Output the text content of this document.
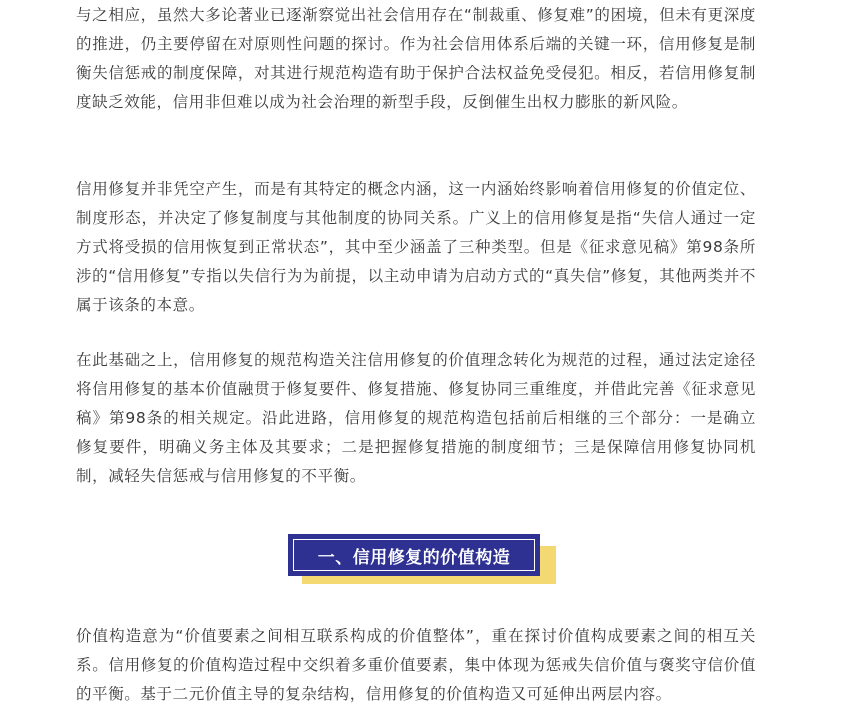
与之相应，虽然大多论著业已逐渐察觉出社会信用存在“制裁重、修复难”的困境，但未有更深度的推进，仍主要停留在对原则性问题的探讨。作为社会信用体系后端的关键一环，信用修复是制衡失信惩戒的制度保障，对其进行规范构造有助于保护合法权益免受侵犯。相反，若信用修复制度缺乏效能，信用非但难以成为社会治理的新型手段，反倒催生出权力膨胀的新风险。

信用修复并非凭空产生，而是有其特定的概念内涵，这一内涵始终影响着信用修复的价值定位、制度形态，并决定了修复制度与其他制度的协同关系。广义上的信用修复是指“失信人通过一定方式将受损的信用恢复到正常状态”，其中至少涵盖了三种类型。但是《征求意见稿》第98条所涉的“信用修复”专指以失信行为为前提，以主动申请为启动方式的“真失信”修复，其他两类并不属于该条的本意。

在此基础之上，信用修复的规范构造关注信用修复的价值理念转化为规范的过程，通过法定途径将信用修复的基本价值融贯于修复要件、修复措施、修复协同三重维度，并借此完善《征求意见稿》第98条的相关规定。沿此进路，信用修复的规范构造包括前后相继的三个部分：一是确立修复要件，明确义务主体及其要求；二是把握修复措施的制度细节；三是保障信用修复协同机制，减轻失信惩戒与信用修复的不平衡。

价值构造意为“价值要素之间相互联系构成的价值整体”，重在探讨价值构成要素之间的相互关系。信用修复的价值构造过程中交织着多重价值要素，集中体现为惩戒失信价值与褒奖守信价值的平衡。基于二元价值主导的复杂结构，信用修复的价值构造又可延伸出两层内容。

一、信用修复的价值构造
